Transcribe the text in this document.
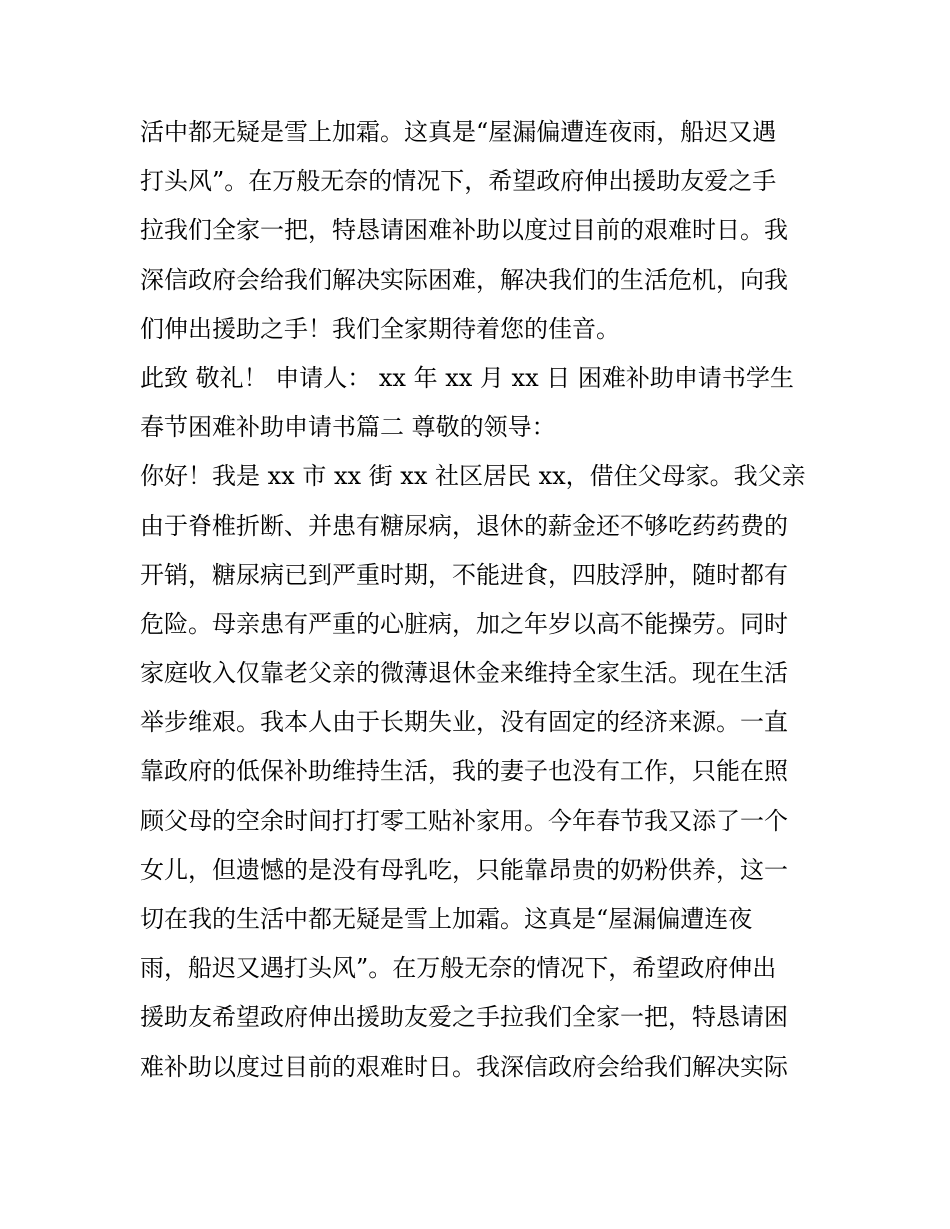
活中都无疑是雪上加霜。这真是“屋漏偏遭连夜雨，船迟又遇
打头风”。在万般无奈的情况下，希望政府伸出援助友爱之手
拉我们全家一把，特恳请困难补助以度过目前的艰难时日。我
深信政府会给我们解决实际困难，解决我们的生活危机，向我
们伸出援助之手！我们全家期待着您的佳音。
此致 敬礼！ 申请人： xx 年 xx 月 xx 日 困难补助申请书学生
春节困难补助申请书篇二 尊敬的领导：
你好！我是 xx 市 xx 街 xx 社区居民 xx，借住父母家。我父亲
由于脊椎折断、并患有糖尿病，退休的薪金还不够吃药药费的
开销，糖尿病已到严重时期，不能进食，四肢浮肿，随时都有
危险。母亲患有严重的心脏病，加之年岁以高不能操劳。同时
家庭收入仅靠老父亲的微薄退休金来维持全家生活。现在生活
举步维艰。我本人由于长期失业，没有固定的经济来源。一直
靠政府的低保补助维持生活，我的妻子也没有工作，只能在照
顾父母的空余时间打打零工贴补家用。今年春节我又添了一个
女儿，但遗憾的是没有母乳吃，只能靠昂贵的奶粉供养，这一
切在我的生活中都无疑是雪上加霜。这真是“屋漏偏遭连夜
雨，船迟又遇打头风”。在万般无奈的情况下，希望政府伸出
援助友希望政府伸出援助友爱之手拉我们全家一把，特恳请困
难补助以度过目前的艰难时日。我深信政府会给我们解决实际
